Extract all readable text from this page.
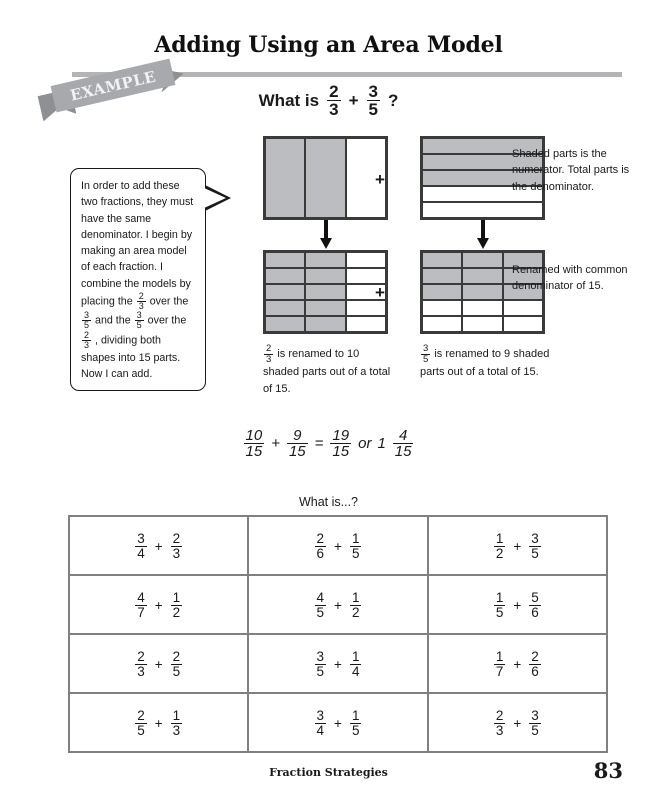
Adding Using an Area Model
EXAMPLE	What is $\frac{2}{3} + \frac{3}{5}$ ?
+
+
In order to add these two fractions, they must have the same denominator. I begin by making an area model of each fraction. I combine the models by placing the $\frac{2}{3}$ over the
$\frac{3}{5}$ and the $\frac{3}{5}$ over the
$\frac{2}{3}$ , dividing both shapes into 15 parts. Now I can add.
Shaded parts is the numerator. Total parts is the denominator.
Renamed with common denominator of 15.
$\frac{2}{3}$ is renamed to 10 shaded parts out of a total of 15.
$\frac{3}{5}$ is renamed to 9 shaded parts out of a total of 15.
$\frac{10}{15} + \frac{9}{15} = \frac{19}{15}$ or $1 \frac{4}{15}$
What is...?
$\frac{3}{4} + \frac{2}{3}$	$\frac{2}{6} + \frac{1}{5}$	$\frac{1}{2} + \frac{3}{5}$

$\frac{4}{7} + \frac{1}{2}$	$\frac{4}{5} + \frac{1}{2}$	$\frac{1}{5} + \frac{5}{6}$

$\frac{2}{3} + \frac{2}{5}$	$\frac{3}{5} + \frac{1}{4}$	$\frac{1}{7} + \frac{2}{6}$

$\frac{2}{5} + \frac{1}{3}$	$\frac{3}{4} + \frac{1}{5}$	$\frac{2}{3} + \frac{3}{5}$
Fraction Strategies	83
